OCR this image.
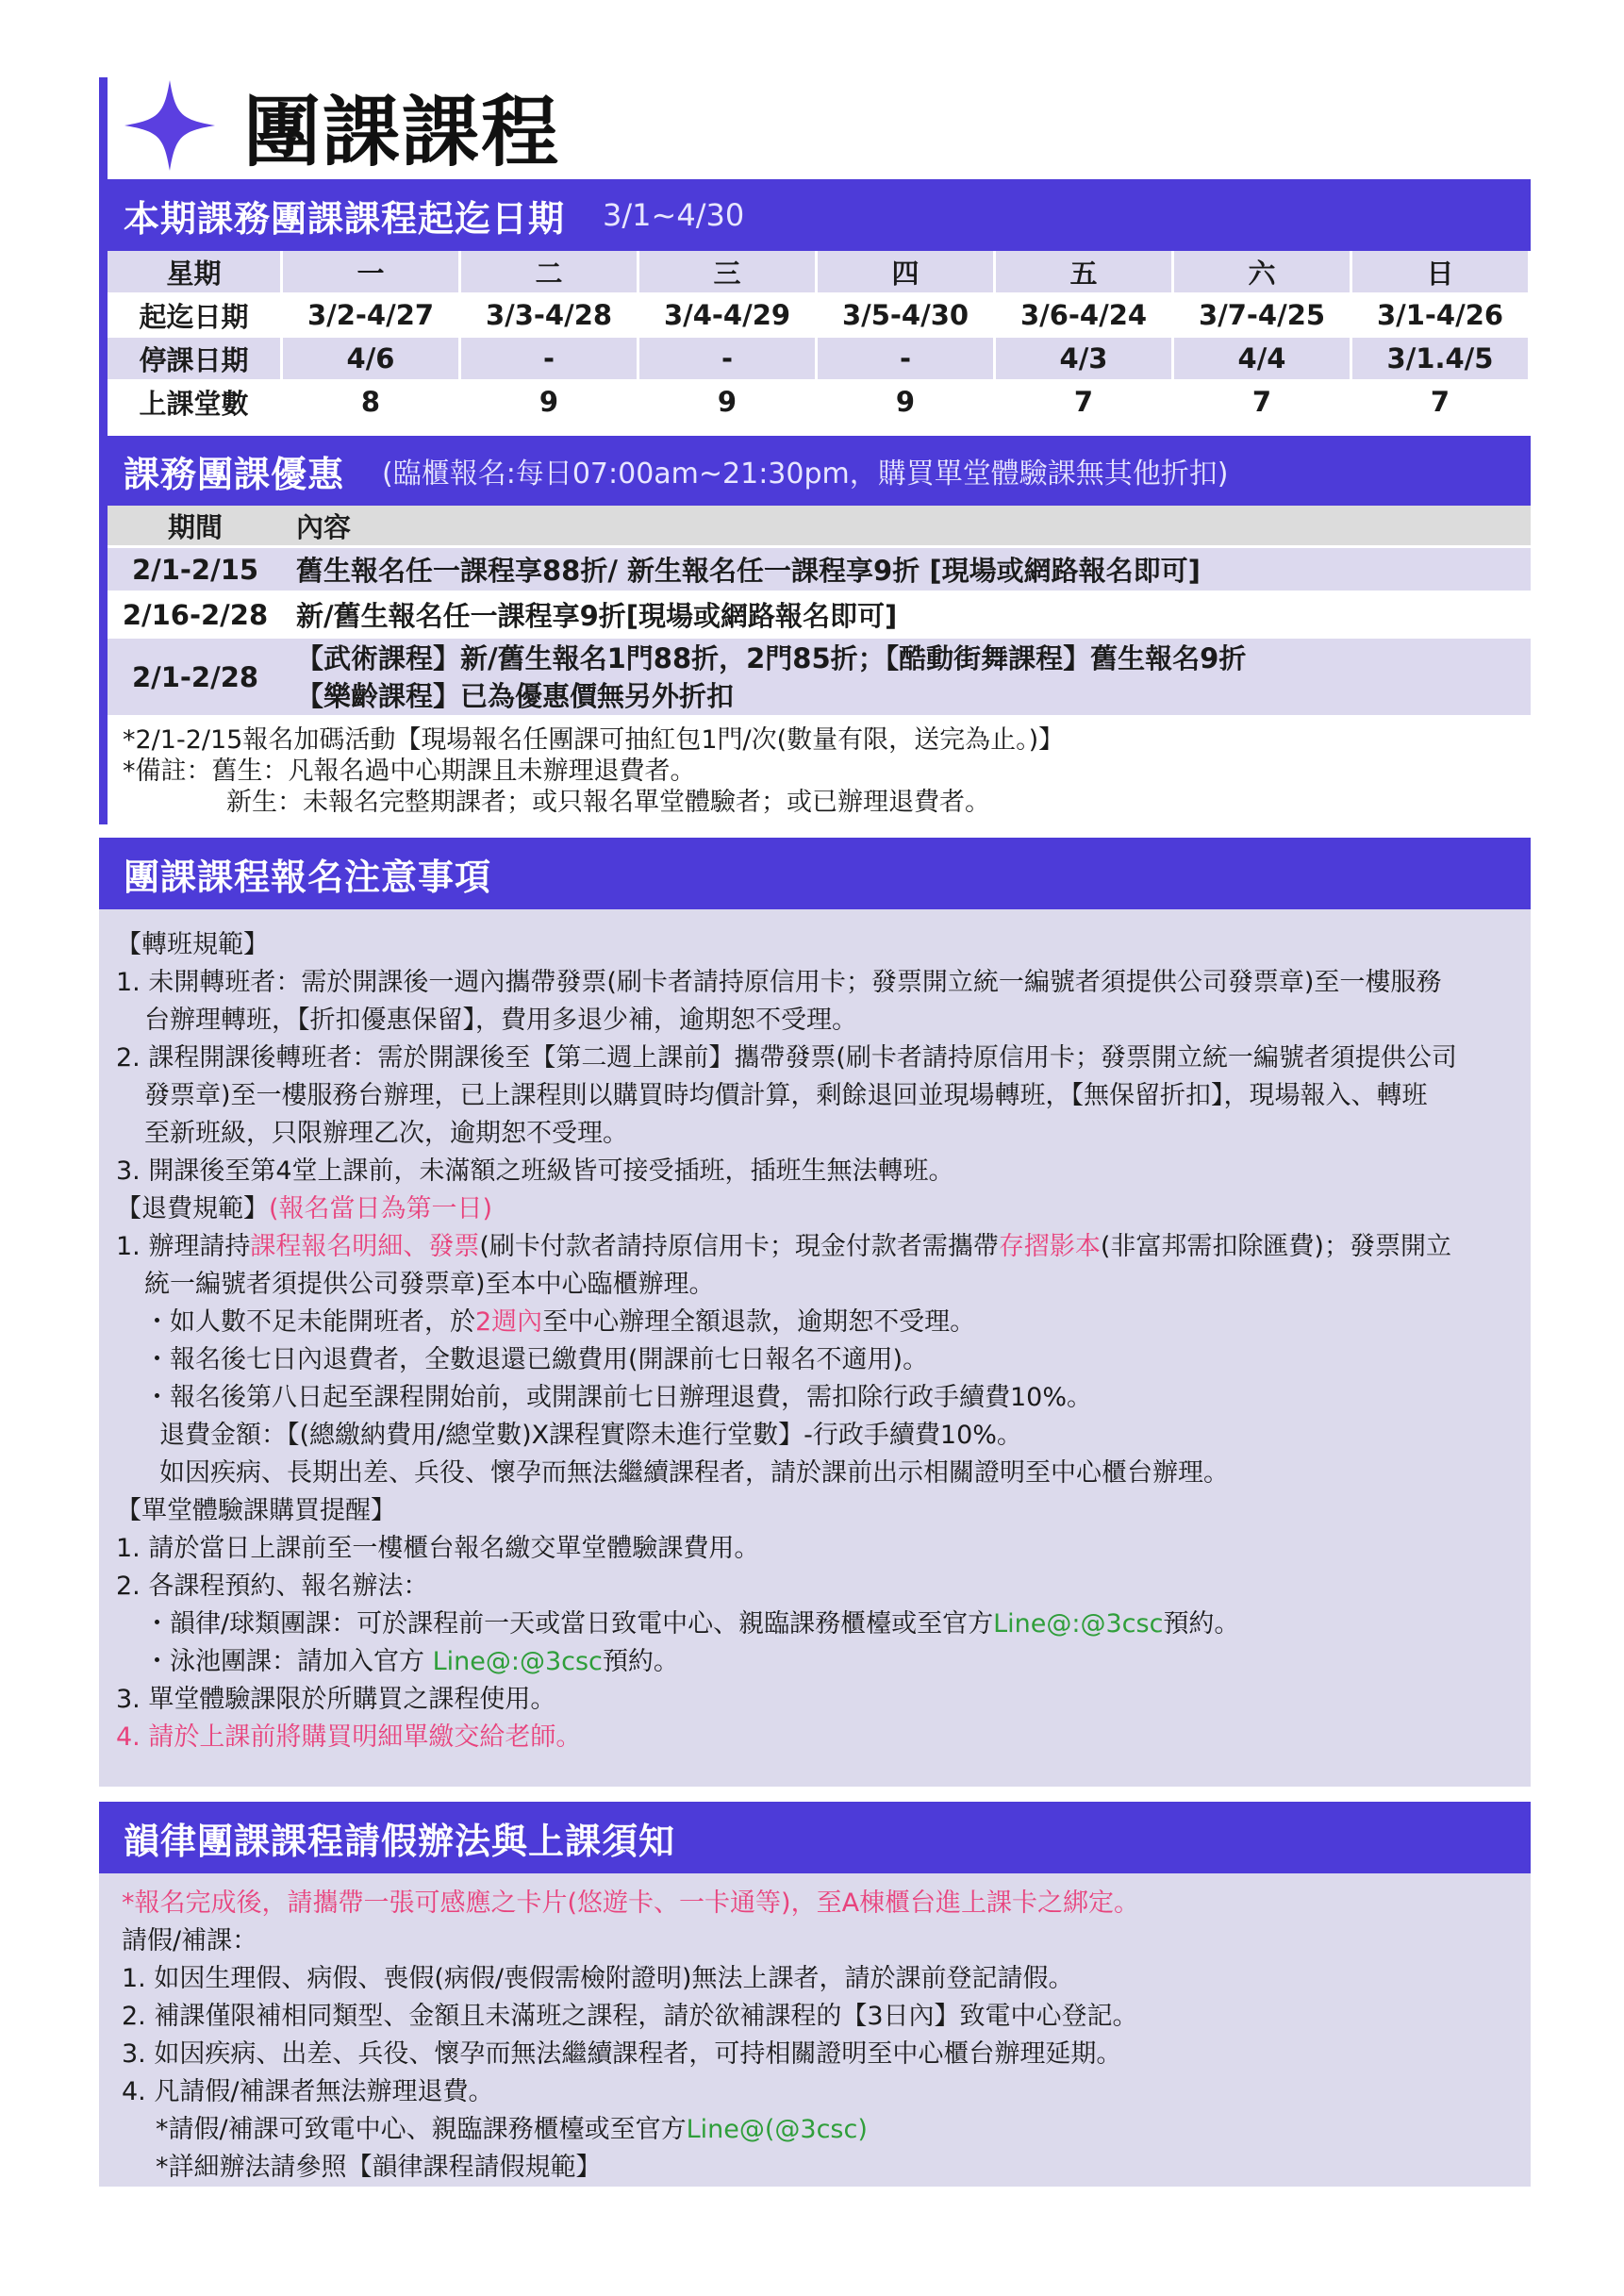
團課課程
本期課務團課課程起迄日期 3/1~4/30
星期	一	二	三	四	五	六	日
起迄日期	3/2-4/27	3/3-4/28	3/4-4/29	3/5-4/30	3/6-4/24	3/7-4/25	3/1-4/26
停課日期	4/6	-	-	-	4/3	4/4	3/1.4/5
上課堂數	8	9	9	9	7	7	7
課務團課優惠 (臨櫃報名:每日07:00am~21:30pm，購買單堂體驗課無其他折扣)
期間	內容
2/1-2/15	舊生報名任一課程享88折/ 新生報名任一課程享9折 [現場或網路報名即可]
2/16-2/28	新/舊生報名任一課程享9折[現場或網路報名即可]
2/1-2/28	【武術課程】新/舊生報名1門88折，2門85折；【酷動街舞課程】舊生報名9折
【樂齡課程】已為優惠價無另外折扣

*2/1-2/15報名加碼活動【現場報名任團課可抽紅包1門/次(數量有限，送完為止。)】

*備註：舊生：凡報名過中心期課且未辦理退費者。

新生：未報名完整期課者；或只報名單堂體驗者；或已辦理退費者。

團課課程報名注意事項

【轉班規範】

1. 未開轉班者：需於開課後一週內攜帶發票(刷卡者請持原信用卡；發票開立統一編號者須提供公司發票章)至一樓服務

台辦理轉班，【折扣優惠保留】，費用多退少補，逾期恕不受理。

2. 課程開課後轉班者：需於開課後至【第二週上課前】攜帶發票(刷卡者請持原信用卡；發票開立統一編號者須提供公司

發票章)至一樓服務台辦理，已上課程則以購買時均價計算，剩餘退回並現場轉班，【無保留折扣】，現場報入、轉班

至新班級，只限辦理乙次，逾期恕不受理。

3. 開課後至第4堂上課前，未滿額之班級皆可接受插班，插班生無法轉班。

【退費規範】(報名當日為第一日)

1. 辦理請持課程報名明細、發票(刷卡付款者請持原信用卡；現金付款者需攜帶存摺影本(非富邦需扣除匯費)；發票開立

統一編號者須提供公司發票章)至本中心臨櫃辦理。

・如人數不足未能開班者，於2週內至中心辦理全額退款，逾期恕不受理。

・報名後七日內退費者，全數退還已繳費用(開課前七日報名不適用)。

・報名後第八日起至課程開始前，或開課前七日辦理退費，需扣除行政手續費10%。

退費金額：【(總繳納費用/總堂數)X課程實際未進行堂數】-行政手續費10%。

如因疾病、長期出差、兵役、懷孕而無法繼續課程者，請於課前出示相關證明至中心櫃台辦理。

【單堂體驗課購買提醒】

1. 請於當日上課前至一樓櫃台報名繳交單堂體驗課費用。

2. 各課程預約、報名辦法：

・韻律/球類團課：可於課程前一天或當日致電中心、親臨課務櫃檯或至官方Line@:@3csc預約。

・泳池團課：請加入官方 Line@:@3csc預約。

3. 單堂體驗課限於所購買之課程使用。

4. 請於上課前將購買明細單繳交給老師。

韻律團課課程請假辦法與上課須知

*報名完成後，請攜帶一張可感應之卡片(悠遊卡、一卡通等)，至A棟櫃台進上課卡之綁定。

請假/補課：

1. 如因生理假、病假、喪假(病假/喪假需檢附證明)無法上課者，請於課前登記請假。

2. 補課僅限補相同類型、金額且未滿班之課程，請於欲補課程的【3日內】致電中心登記。

3. 如因疾病、出差、兵役、懷孕而無法繼續課程者，可持相關證明至中心櫃台辦理延期。

4. 凡請假/補課者無法辦理退費。

*請假/補課可致電中心、親臨課務櫃檯或至官方Line@(@3csc)

*詳細辦法請參照【韻律課程請假規範】
